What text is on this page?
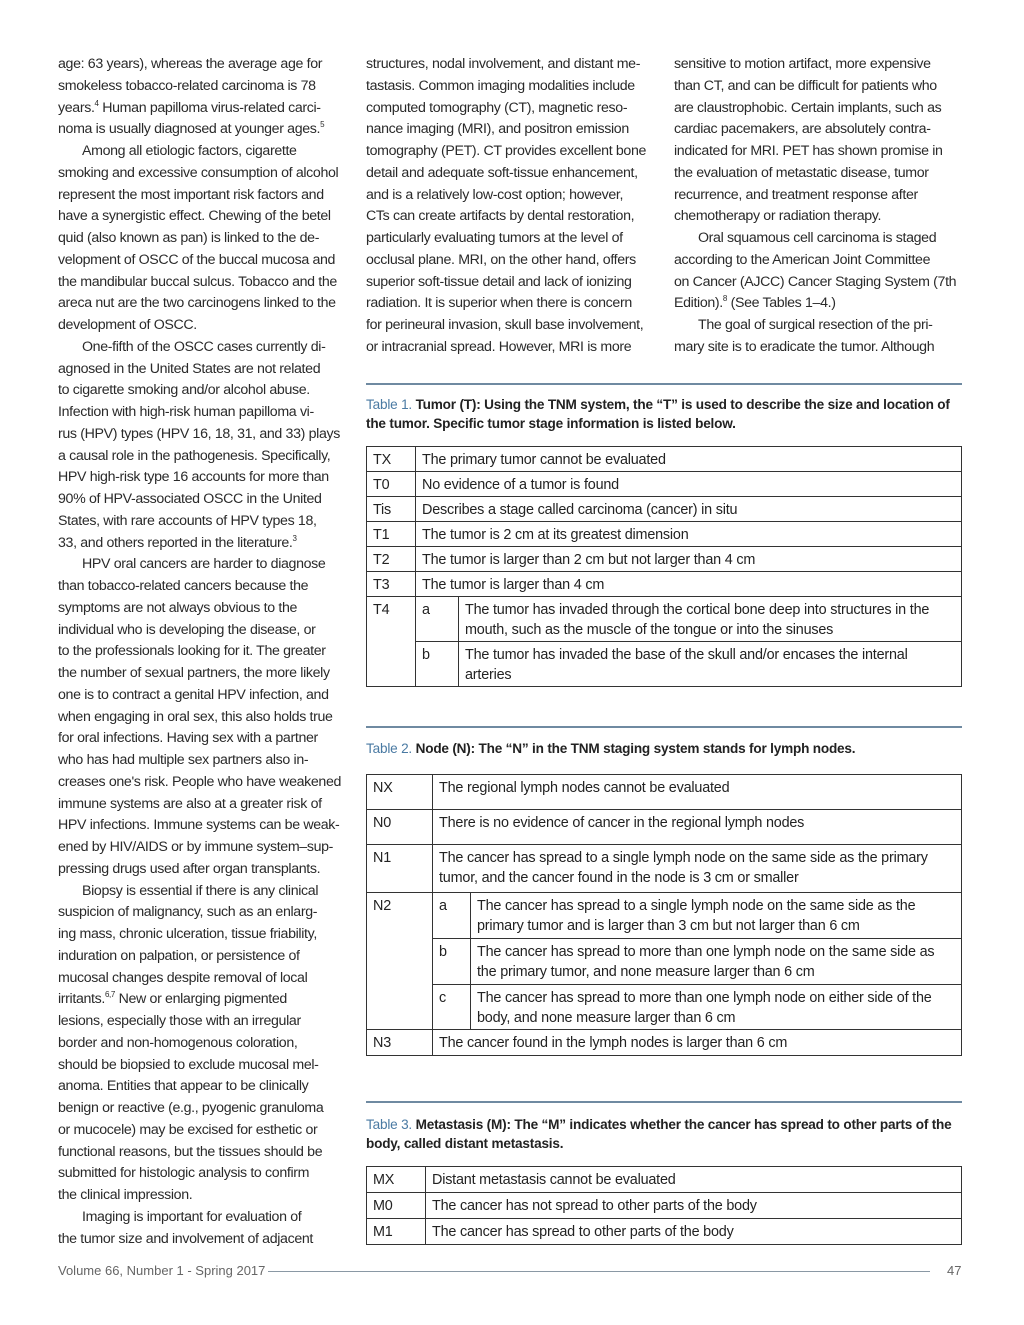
age: 63 years), whereas the average age for
smokeless tobacco-related carcinoma is 78
years.$^4$ Human papilloma virus-related carci-
noma is usually diagnosed at younger ages.$^5$
Among all etiologic factors, cigarette
smoking and excessive consumption of alcohol
represent the most important risk factors and
have a synergistic effect. Chewing of the betel
quid (also known as pan) is linked to the de-
velopment of OSCC of the buccal mucosa and
the mandibular buccal sulcus. Tobacco and the
areca nut are the two carcinogens linked to the
development of OSCC.
One-fifth of the OSCC cases currently di-
agnosed in the United States are not related
to cigarette smoking and/or alcohol abuse.
Infection with high-risk human papilloma vi-
rus (HPV) types (HPV 16, 18, 31, and 33) plays
a causal role in the pathogenesis. Specifically,
HPV high-risk type 16 accounts for more than
90% of HPV-associated OSCC in the United
States, with rare accounts of HPV types 18,
33, and others reported in the literature.$^3$
HPV oral cancers are harder to diagnose
than tobacco-related cancers because the
symptoms are not always obvious to the
individual who is developing the disease, or
to the professionals looking for it. The greater
the number of sexual partners, the more likely
one is to contract a genital HPV infection, and
when engaging in oral sex, this also holds true
for oral infections. Having sex with a partner
who has had multiple sex partners also in-
creases one's risk. People who have weakened
immune systems are also at a greater risk of
HPV infections. Immune systems can be weak-
ened by HIV/AIDS or by immune system–sup-
pressing drugs used after organ transplants.
Biopsy is essential if there is any clinical
suspicion of malignancy, such as an enlarg-
ing mass, chronic ulceration, tissue friability,
induration on palpation, or persistence of
mucosal changes despite removal of local
irritants.$^{6,7}$ New or enlarging pigmented
lesions, especially those with an irregular
border and non-homogenous coloration,
should be biopsied to exclude mucosal mel-
anoma. Entities that appear to be clinically
benign or reactive (e.g., pyogenic granuloma
or mucocele) may be excised for esthetic or
functional reasons, but the tissues should be
submitted for histologic analysis to confirm
the clinical impression.
Imaging is important for evaluation of
the tumor size and involvement of adjacent
structures, nodal involvement, and distant me-
tastasis. Common imaging modalities include
computed tomography (CT), magnetic reso-
nance imaging (MRI), and positron emission
tomography (PET). CT provides excellent bone
detail and adequate soft-tissue enhancement,
and is a relatively low-cost option; however,
CTs can create artifacts by dental restoration,
particularly evaluating tumors at the level of
occlusal plane. MRI, on the other hand, offers
superior soft-tissue detail and lack of ionizing
radiation. It is superior when there is concern
for perineural invasion, skull base involvement,
or intracranial spread. However, MRI is more
sensitive to motion artifact, more expensive
than CT, and can be difficult for patients who
are claustrophobic. Certain implants, such as
cardiac pacemakers, are absolutely contra-
indicated for MRI. PET has shown promise in
the evaluation of metastatic disease, tumor
recurrence, and treatment response after
chemotherapy or radiation therapy.
Oral squamous cell carcinoma is staged
according to the American Joint Committee
on Cancer (AJCC) Cancer Staging System (7th
Edition).$^8$ (See Tables 1–4.)
The goal of surgical resection of the pri-
mary site is to eradicate the tumor. Although
Table 1. Tumor (T): Using the TNM system, the “T” is used to describe the size and location of the tumor. Specific tumor stage information is listed below.
TX	The primary tumor cannot be evaluated	
T0	No evidence of a tumor is found	
Tis	Describes a stage called carcinoma (cancer) in situ	
T1	The tumor is 2 cm at its greatest dimension	
T2	The tumor is larger than 2 cm but not larger than 4 cm	
T3	The tumor is larger than 4 cm	
T4	a	The tumor has invaded through the cortical bone deep into structures in the mouth, such as the muscle of the tongue or into the sinuses
	b	The tumor has invaded the base of the skull and/or encases the internal arteries
Table 2. Node (N): The “N” in the TNM staging system stands for lymph nodes.
NX	The regional lymph nodes cannot be evaluated	
N0	There is no evidence of cancer in the regional lymph nodes	
N1	The cancer has spread to a single lymph node on the same side as the primary tumor, and the cancer found in the node is 3 cm or smaller	
N2	a	The cancer has spread to a single lymph node on the same side as the primary tumor and is larger than 3 cm but not larger than 6 cm
	b	The cancer has spread to more than one lymph node on the same side as the primary tumor, and none measure larger than 6 cm
	c	The cancer has spread to more than one lymph node on either side of the body, and none measure larger than 6 cm
N3	The cancer found in the lymph nodes is larger than 6 cm	
Table 3. Metastasis (M): The “M” indicates whether the cancer has spread to other parts of the body, called distant metastasis.
MX	Distant metastasis cannot be evaluated
M0	The cancer has not spread to other parts of the body
M1	The cancer has spread to other parts of the body
Volume 66, Number 1 - Spring 2017	47
